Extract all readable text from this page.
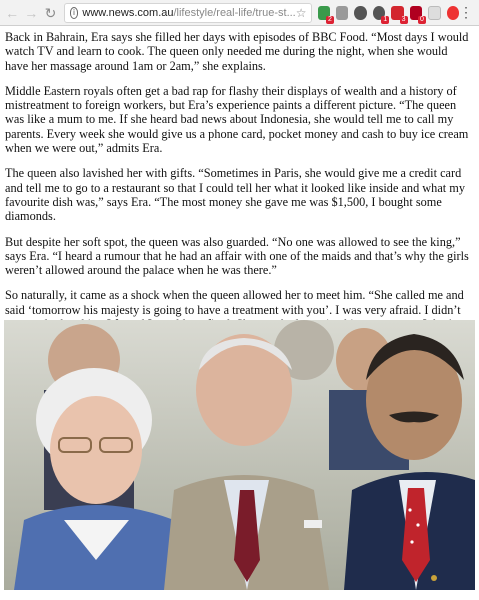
← → ↻	i www.news.com.au /lifestyle/real-life/true-st... ☆	2	1 3 0	⋮

Back in Bahrain, Era says she filled her days with episodes of BBC Food. “Most days I would watch TV and learn to cook. The queen only needed me during the night, when she would have her massage around 1am or 2am,” she explains.

Middle Eastern royals often get a bad rap for flashy their displays of wealth and a history of mistreatment to foreign workers, but Era’s experience paints a different picture. “The queen was like a mum to me. If she heard bad news about Indonesia, she would tell me to call my parents. Every week she would give us a phone card, pocket money and cash to buy ice cream when we were out,” admits Era.

The queen also lavished her with gifts. “Sometimes in Paris, she would give me a credit card and tell me to go to a restaurant so that I could tell her what it looked like inside and what my favourite dish was,” says Era. “The most money she gave me was $1,500, I bought some diamonds.

But despite her soft spot, the queen was also guarded. “No one was allowed to see the king,” says Era. “I heard a rumour that he had an affair with one of the maids and that’s why the girls weren’t allowed around the palace when he was there.”

So naturally, it came as a shock when the queen allowed her to meet him. “She called me and said ‘tomorrow his majesty is going to have a treatment with you’. I was very afraid. I didn’t
